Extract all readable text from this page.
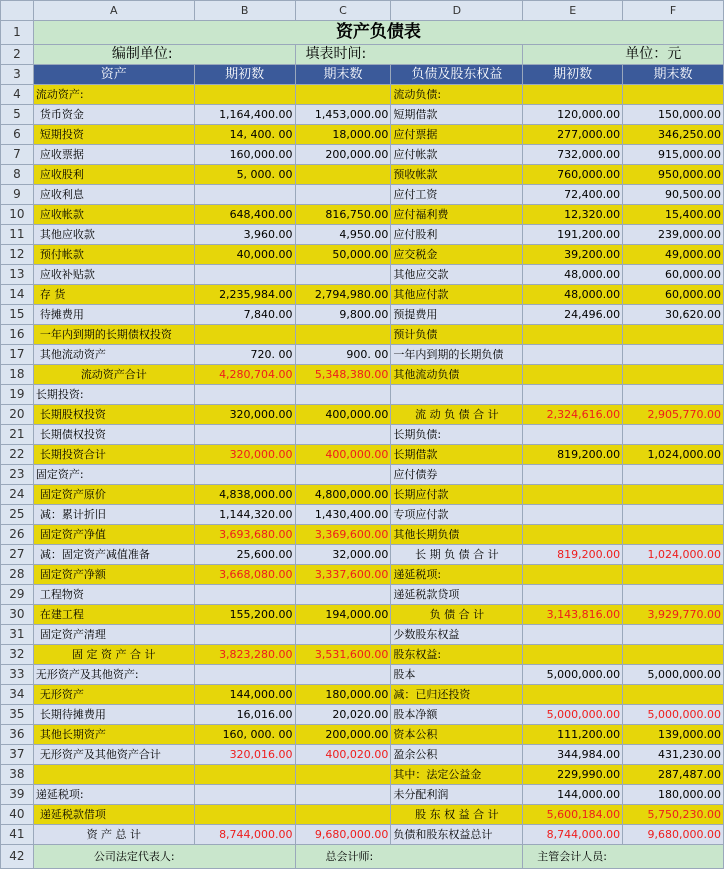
	A	B	C	D	E	F
1	资产负债表					
2	编制单位:		填表时间:		单位：元	
3	资产	期初数	期末数	负债及股东权益	期初数	期末数
4	流动资产:			流动负债:		
5	货币资金	1,164,400.00	1,453,000.00	短期借款	120,000.00	150,000.00
6	短期投资	14, 400. 00	18,000.00	应付票据	277,000.00	346,250.00
7	应收票据	160,000.00	200,000.00	应付帐款	732,000.00	915,000.00
8	应收股利	5, 000. 00		预收帐款	760,000.00	950,000.00
9	应收利息			应付工资	72,400.00	90,500.00
10	应收帐款	648,400.00	816,750.00	应付福利费	12,320.00	15,400.00
11	其他应收款	3,960.00	4,950.00	应付股利	191,200.00	239,000.00
12	预付帐款	40,000.00	50,000.00	应交税金	39,200.00	49,000.00
13	应收补贴款			其他应交款	48,000.00	60,000.00
14	存 货	2,235,984.00	2,794,980.00	其他应付款	48,000.00	60,000.00
15	待摊费用	7,840.00	9,800.00	预提费用	24,496.00	30,620.00
16	一年内到期的长期债权投资			预计负债		
17	其他流动资产	720. 00	900. 00	一年内到期的长期负债		
18	流动资产合计	4,280,704.00	5,348,380.00	其他流动负债		
19	长期投资:					
20	长期股权投资	320,000.00	400,000.00	流 动 负 债 合 计	2,324,616.00	2,905,770.00
21	长期债权投资			长期负债:		
22	长期投资合计	320,000.00	400,000.00	长期借款	819,200.00	1,024,000.00
23	固定资产:			应付债券		
24	固定资产原价	4,838,000.00	4,800,000.00	长期应付款		
25	减：累计折旧	1,144,320.00	1,430,400.00	专项应付款		
26	固定资产净值	3,693,680.00	3,369,600.00	其他长期负债		
27	减：固定资产减值准备	25,600.00	32,000.00	长 期 负 债 合 计	819,200.00	1,024,000.00
28	固定资产净额	3,668,080.00	3,337,600.00	递延税项:		
29	工程物资			递延税款贷项		
30	在建工程	155,200.00	194,000.00	负 债 合 计	3,143,816.00	3,929,770.00
31	固定资产清理			少数股东权益		
32	固 定 资 产 合 计	3,823,280.00	3,531,600.00	股东权益:		
33	无形资产及其他资产:			股本	5,000,000.00	5,000,000.00
34	无形资产	144,000.00	180,000.00	减：已归还投资		
35	长期待摊费用	16,016.00	20,020.00	股本净额	5,000,000.00	5,000,000.00
36	其他长期资产	160, 000. 00	200,000.00	资本公积	111,200.00	139,000.00
37	无形资产及其他资产合计	320,016.00	400,020.00	盈余公积	344,984.00	431,230.00
38				其中：法定公益金	229,990.00	287,487.00
39	递延税项:			未分配利润	144,000.00	180,000.00
40	递延税款借项			股 东 权 益 合 计	5,600,184.00	5,750,230.00
41	资 产 总 计	8,744,000.00	9,680,000.00	负债和股东权益总计	8,744,000.00	9,680,000.00
42	公司法定代表人:		总会计师:		主管会计人员:	
